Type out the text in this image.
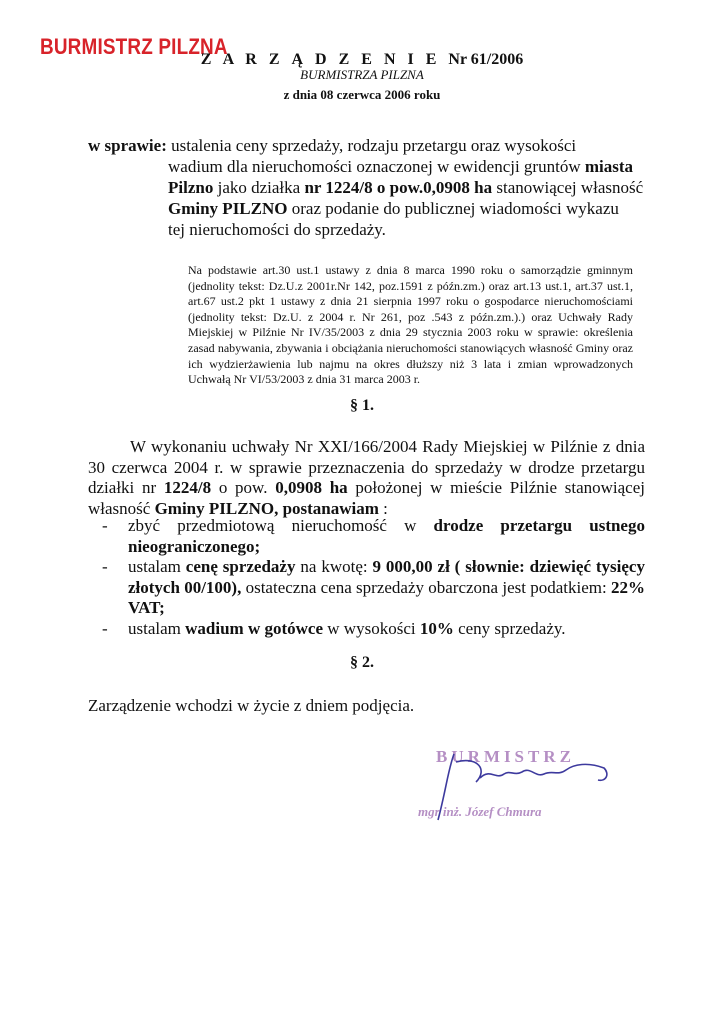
BURMISTRZ PILZNA
Z A R Z Ą D Z E N I E Nr 61/2006
BURMISTRZA PILZNA
z dnia 08 czerwca 2006 roku
w sprawie: ustalenia ceny sprzedaży, rodzaju przetargu oraz wysokości
wadium dla nieruchomości oznaczonej w ewidencji gruntów miasta
Pilzno jako działka nr 1224/8 o pow.0,0908 ha stanowiącej własność
Gminy PILZNO oraz podanie do publicznej wiadomości wykazu
tej nieruchomości do sprzedaży.
Na podstawie art.30 ust.1 ustawy z dnia 8 marca 1990 roku o samorządzie gminnym (jednolity tekst: Dz.U.z 2001r.Nr 142, poz.1591 z późn.zm.) oraz art.13 ust.1, art.37 ust.1, art.67 ust.2 pkt 1 ustawy z dnia 21 sierpnia 1997 roku o gospodarce nieruchomościami (jednolity tekst: Dz.U. z 2004 r. Nr 261, poz .543 z późn.zm.).) oraz Uchwały Rady Miejskiej w Pilźnie Nr IV/35/2003 z dnia 29 stycznia 2003 roku w sprawie: określenia zasad nabywania, zbywania i obciążania nieruchomości stanowiących własność Gminy oraz ich wydzierżawienia lub najmu na okres dłuższy niż 3 lata i zmian wprowadzonych Uchwałą Nr VI/53/2003 z dnia 31 marca 2003 r.
§ 1.

W wykonaniu uchwały Nr XXI/166/2004 Rady Miejskiej w Pilźnie z dnia 30 czerwca 2004 r. w sprawie przeznaczenia do sprzedaży w drodze przetargu działki nr 1224/8 o pow. 0,0908 ha położonej w mieście Pilźnie stanowiącej własność Gminy PILZNO, postanawiam :

-	zbyć przedmiotową nieruchomość w drodze przetargu ustnego nieograniczonego;
-	ustalam cenę sprzedaży na kwotę: 9 000,00 zł ( słownie: dziewięć tysięcy złotych 00/100), ostateczna cena sprzedaży obarczona jest podatkiem: 22% VAT;
-	ustalam wadium w gotówce w wysokości 10% ceny sprzedaży.
§ 2.
Zarządzenie wchodzi w życie z dniem podjęcia.
BURMISTRZ
mgr inż. Józef Chmura
